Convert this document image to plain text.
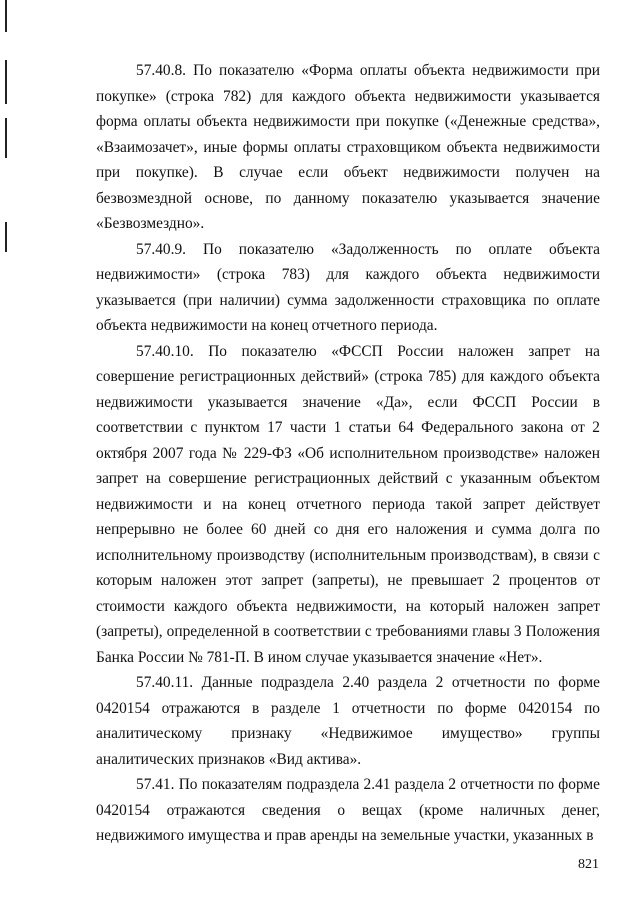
57.40.8. По показателю «Форма оплаты объекта недвижимости при покупке» (строка 782) для каждого объекта недвижимости указывается форма оплаты объекта недвижимости при покупке («Денежные средства», «Взаимозачет», иные формы оплаты страховщиком объекта недвижимости при покупке). В случае если объект недвижимости получен на безвозмездной основе, по данному показателю указывается значение «Безвозмездно».

57.40.9. По показателю «Задолженность по оплате объекта недвижимости» (строка 783) для каждого объекта недвижимости указывается (при наличии) сумма задолженности страховщика по оплате объекта недвижимости на конец отчетного периода.

57.40.10. По показателю «ФССП России наложен запрет на совершение регистрационных действий» (строка 785) для каждого объекта недвижимости указывается значение «Да», если ФССП России в соответствии с пунктом 17 части 1 статьи 64 Федерального закона от 2 октября 2007 года № 229-ФЗ «Об исполнительном производстве» наложен запрет на совершение регистрационных действий с указанным объектом недвижимости и на конец отчетного периода такой запрет действует непрерывно не более 60 дней со дня его наложения и сумма долга по исполнительному производству (исполнительным производствам), в связи с которым наложен этот запрет (запреты), не превышает 2 процентов от стоимости каждого объекта недвижимости, на который наложен запрет (запреты), определенной в соответствии с требованиями главы 3 Положения Банка России № 781-П. В ином случае указывается значение «Нет».

57.40.11. Данные подраздела 2.40 раздела 2 отчетности по форме 0420154 отражаются в разделе 1 отчетности по форме 0420154 по аналитическому признаку «Недвижимое имущество» группы аналитических признаков «Вид актива».

57.41. По показателям подраздела 2.41 раздела 2 отчетности по форме 0420154 отражаются сведения о вещах (кроме наличных денег, недвижимого имущества и прав аренды на земельные участки, указанных в

821
